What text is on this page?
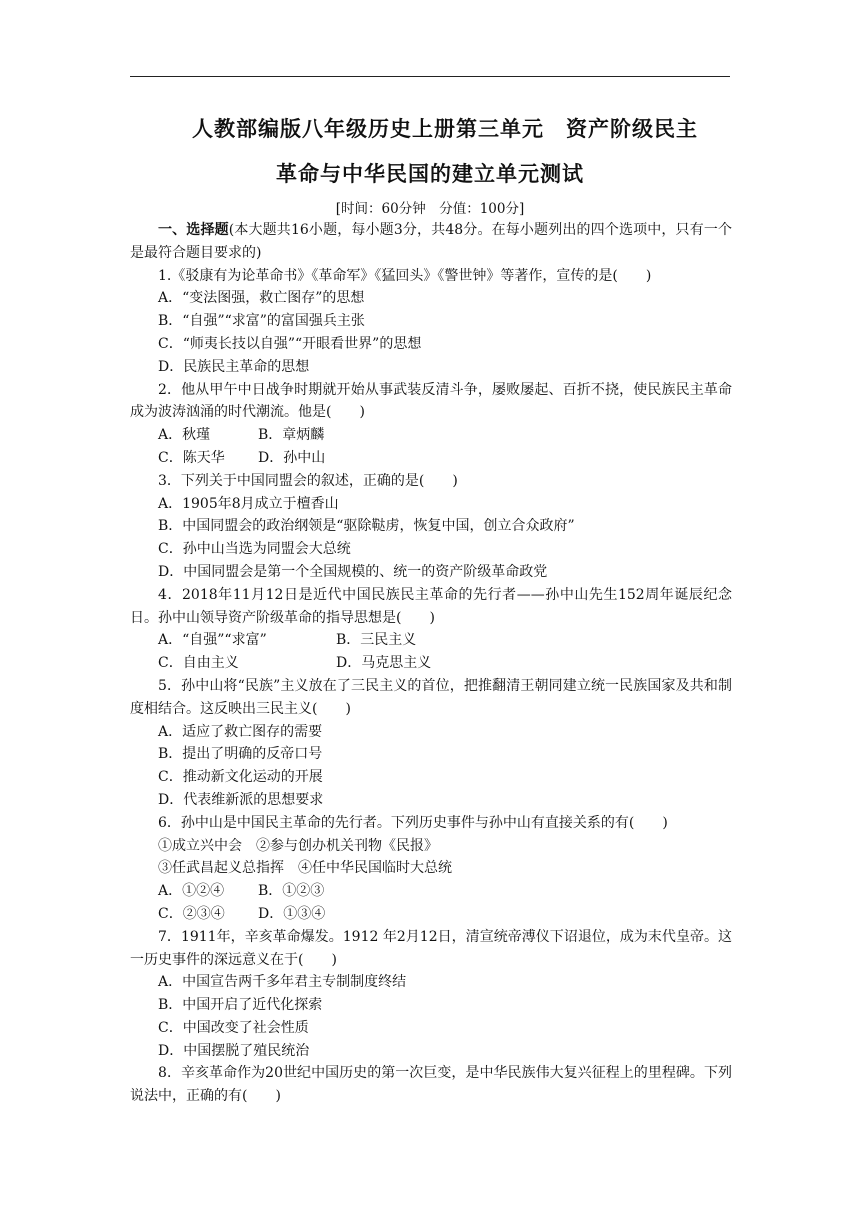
人教部编版八年级历史上册第三单元　资产阶级民主
革命与中华民国的建立单元测试
[时间：60分钟　分值：100分]

一、选择题(本大题共16小题，每小题3分，共48分。在每小题列出的四个选项中，只有一个是最符合题目要求的)

1.《驳康有为论革命书》《革命军》《猛回头》《警世钟》等著作，宣传的是(　　)

A．“变法图强，救亡图存”的思想

B．“自强”“求富”的富国强兵主张

C．“师夷长技以自强”“开眼看世界”的思想

D．民族民主革命的思想

2．他从甲午中日战争时期就开始从事武装反清斗争，屡败屡起、百折不挠，使民族民主革命成为波涛汹涌的时代潮流。他是(　　)

A．秋瑾	B．章炳麟

C．陈天华 D．孙中山

3．下列关于中国同盟会的叙述，正确的是(　　)

A．1905年8月成立于檀香山

B．中国同盟会的政治纲领是“驱除鞑虏，恢复中国，创立合众政府”

C．孙中山当选为同盟会大总统

D．中国同盟会是第一个全国规模的、统一的资产阶级革命政党

4．2018年11月12日是近代中国民族民主革命的先行者——孙中山先生152周年诞辰纪念日。孙中山领导资产阶级革命的指导思想是(　　)

A．“自强”“求富”	B．三民主义

C．自由主义	D．马克思主义

5．孙中山将“民族”主义放在了三民主义的首位，把推翻清王朝同建立统一民族国家及共和制度相结合。这反映出三民主义(　　)

A．适应了救亡图存的需要

B．提出了明确的反帝口号

C．推动新文化运动的开展

D．代表维新派的思想要求

6．孙中山是中国民主革命的先行者。下列历史事件与孙中山有直接关系的有(　　)

①成立兴中会　②参与创办机关刊物《民报》

③任武昌起义总指挥　④任中华民国临时大总统

A．①②④ B．①②③

C．②③④ D．①③④

7．1911年，辛亥革命爆发。1912 年2月12日，清宣统帝溥仪下诏退位，成为末代皇帝。这一历史事件的深远意义在于(　　)

A．中国宣告两千多年君主专制制度终结

B．中国开启了近代化探索

C．中国改变了社会性质

D．中国摆脱了殖民统治

8．辛亥革命作为20世纪中国历史的第一次巨变，是中华民族伟大复兴征程上的里程碑。下列说法中，正确的有(　　)
